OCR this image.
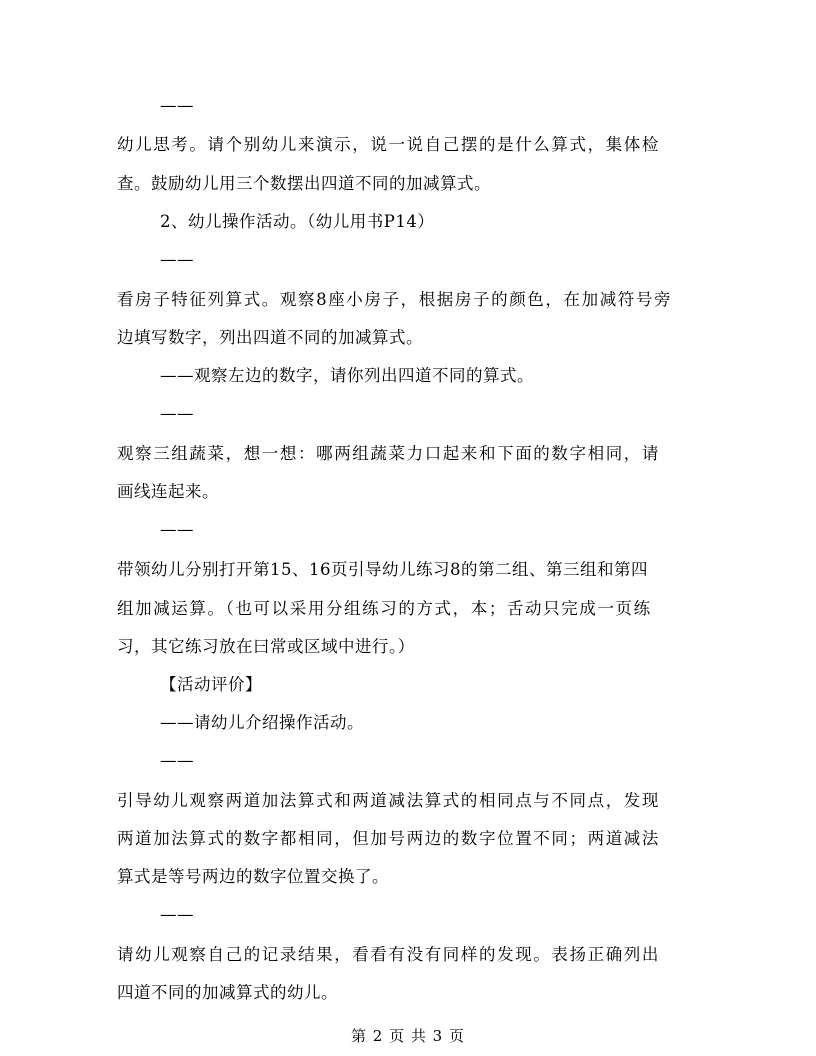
——
幼儿思考。请个别幼儿来演示，说一说自己摆的是什么算式，集体检
查。鼓励幼儿用三个数摆出四道不同的加减算式。
2、幼儿操作活动。（幼儿用书P14）
——
看房子特征列算式。观察8座小房子，根据房子的颜色，在加减符号旁
边填写数字，列出四道不同的加减算式。
——观察左边的数字，请你列出四道不同的算式。
——
观察三组蔬菜，想一想：哪两组蔬菜力口起来和下面的数字相同，请
画线连起来。
——
带领幼儿分别打开第15、16页引导幼儿练习8的第二组、第三组和第四
组加减运算。（也可以采用分组练习的方式，本；舌动只完成一页练
习，其它练习放在曰常或区域中进行。）
【活动评价】
——请幼儿介绍操作活动。
——
引导幼儿观察两道加法算式和两道减法算式的相同点与不同点，发现
两道加法算式的数字都相同，但加号两边的数字位置不同；两道减法
算式是等号两边的数字位置交换了。
——
请幼儿观察自己的记录结果，看看有没有同样的发现。表扬正确列出
四道不同的加减算式的幼儿。
第 2 页 共 3 页
